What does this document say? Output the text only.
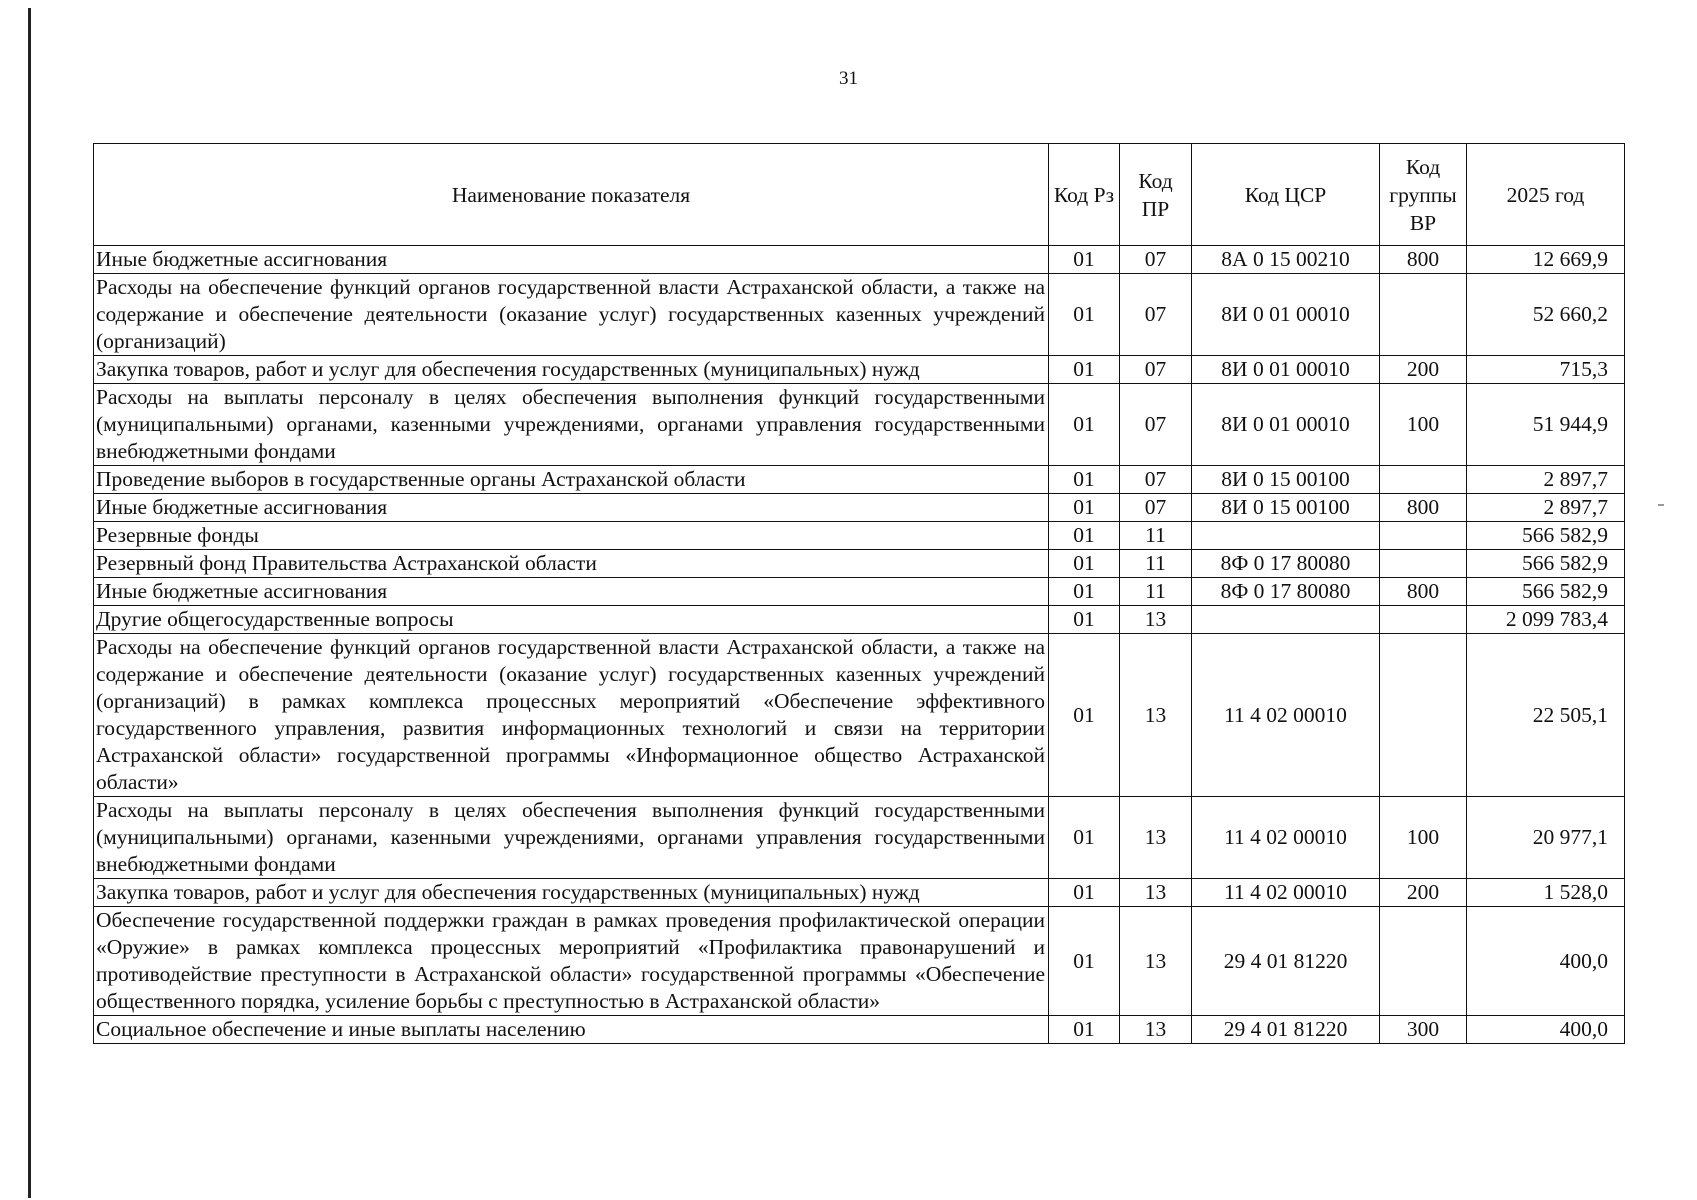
31
Наименование показателя	Код Рз	Код ПР	Код ЦСР	Код группы ВР	2025 год
Иные бюджетные ассигнования	01	07	8А 0 15 00210	800	12 669,9
Расходы на обеспечение функций органов государственной власти Астраханской области, а также на содержание и обеспечение деятельности (оказание услуг) государственных казенных учреждений (организаций)	01	07	8И 0 01 00010		52 660,2
Закупка товаров, работ и услуг для обеспечения государственных (муниципальных) нужд	01	07	8И 0 01 00010	200	715,3
Расходы на выплаты персоналу в целях обеспечения выполнения функций государственными (муниципальными) органами, казенными учреждениями, органами управления государственными внебюджетными фондами	01	07	8И 0 01 00010	100	51 944,9
Проведение выборов в государственные органы Астраханской области	01	07	8И 0 15 00100		2 897,7
Иные бюджетные ассигнования	01	07	8И 0 15 00100	800	2 897,7
Резервные фонды	01	11			566 582,9
Резервный фонд Правительства Астраханской области	01	11	8Ф 0 17 80080		566 582,9
Иные бюджетные ассигнования	01	11	8Ф 0 17 80080	800	566 582,9
Другие общегосударственные вопросы	01	13			2 099 783,4
Расходы на обеспечение функций органов государственной власти Астраханской области, а также на содержание и обеспечение деятельности (оказание услуг) государственных казенных учреждений (организаций) в рамках комплекса процессных мероприятий «Обеспечение эффективного государственного управления, развития информационных технологий и связи на территории Астраханской области» государственной программы «Информационное общество Астраханской области»	01	13	11 4 02 00010		22 505,1
Расходы на выплаты персоналу в целях обеспечения выполнения функций государственными (муниципальными) органами, казенными учреждениями, органами управления государственными внебюджетными фондами	01	13	11 4 02 00010	100	20 977,1
Закупка товаров, работ и услуг для обеспечения государственных (муниципальных) нужд	01	13	11 4 02 00010	200	1 528,0
Обеспечение государственной поддержки граждан в рамках проведения профилактической операции «Оружие» в рамках комплекса процессных мероприятий «Профилактика правонарушений и противодействие преступности в Астраханской области» государственной программы «Обеспечение общественного порядка, усиление борьбы с преступностью в Астраханской области»	01	13	29 4 01 81220		400,0
Социальное обеспечение и иные выплаты населению	01	13	29 4 01 81220	300	400,0
